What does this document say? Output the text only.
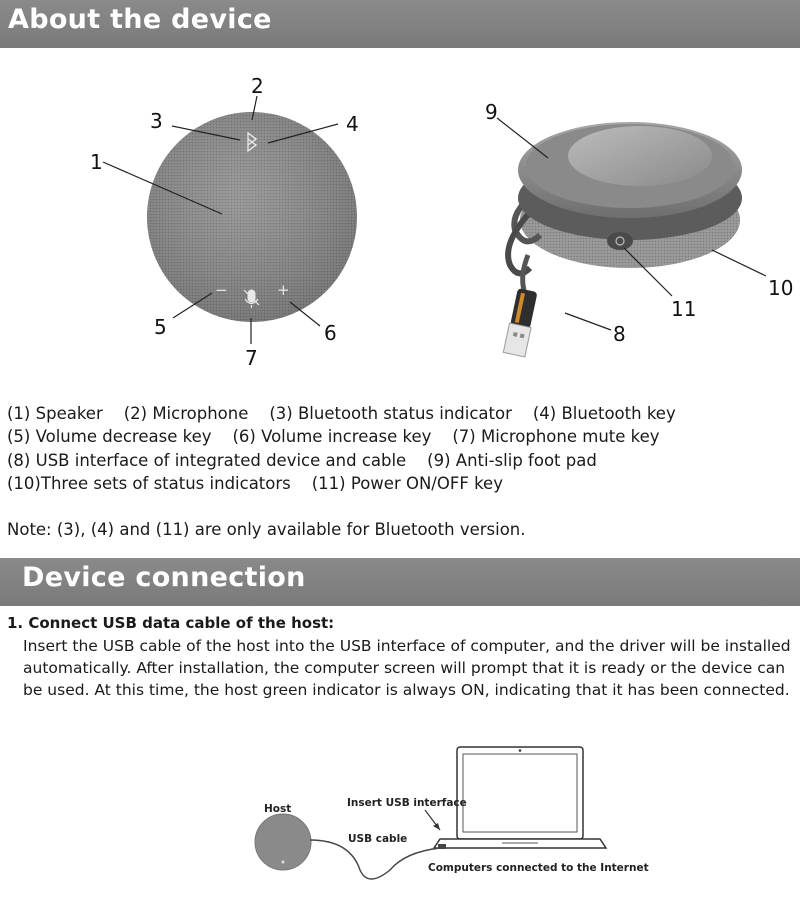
About the device
−	+
1
2
3	4
5	6
7
9
10
11
8
(1) Speaker    (2) Microphone    (3) Bluetooth status indicator    (4) Bluetooth key
(5) Volume decrease key    (6) Volume increase key    (7) Microphone mute key
(8) USB interface of integrated device and cable    (9) Anti-slip foot pad
(10)Three sets of status indicators    (11) Power ON/OFF key
Note: (3), (4) and (11) are only available for Bluetooth version.
Device connection
1. Connect USB data cable of the host:
Insert the USB cable of the host into the USB interface of computer, and the driver will be installed
automatically. After installation, the computer screen will prompt that it is ready or the device can
be used. At this time, the host green indicator is always ON, indicating that it has been connected.
Host	Insert USB interface
USB cable
Computers connected to the Internet
